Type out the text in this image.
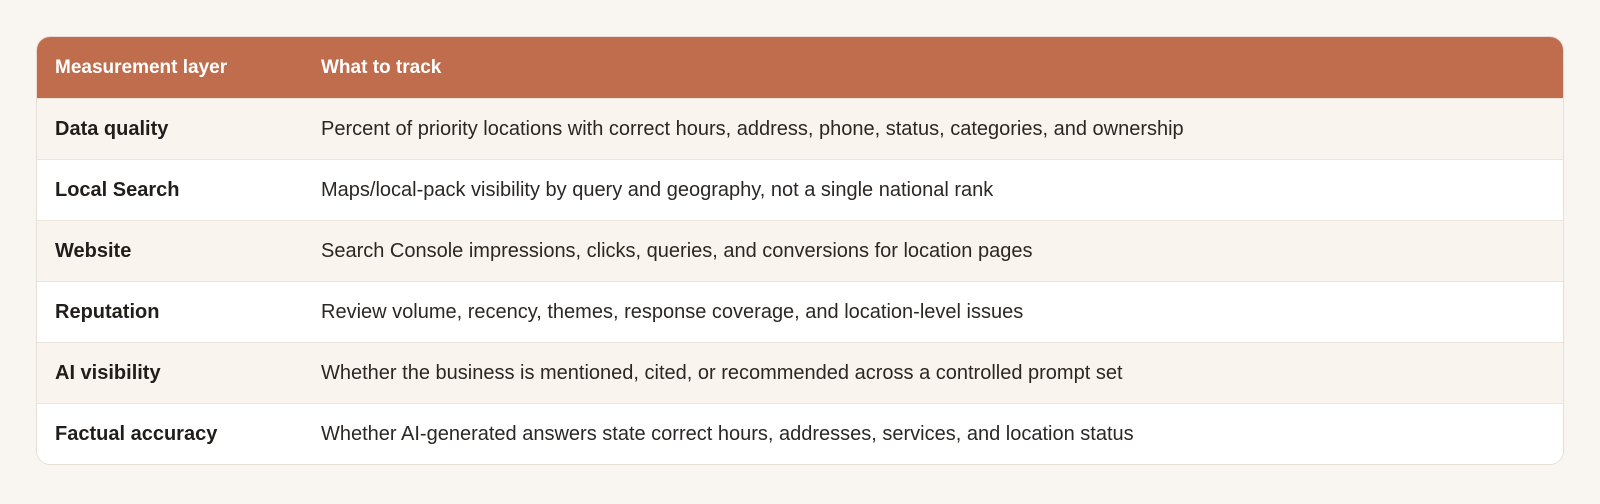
Measurement layer	What to track
Data quality	Percent of priority locations with correct hours, address, phone, status, categories, and ownership
Local Search	Maps/local-pack visibility by query and geography, not a single national rank
Website	Search Console impressions, clicks, queries, and conversions for location pages
Reputation	Review volume, recency, themes, response coverage, and location-level issues
AI visibility	Whether the business is mentioned, cited, or recommended across a controlled prompt set
Factual accuracy	Whether AI-generated answers state correct hours, addresses, services, and location status
